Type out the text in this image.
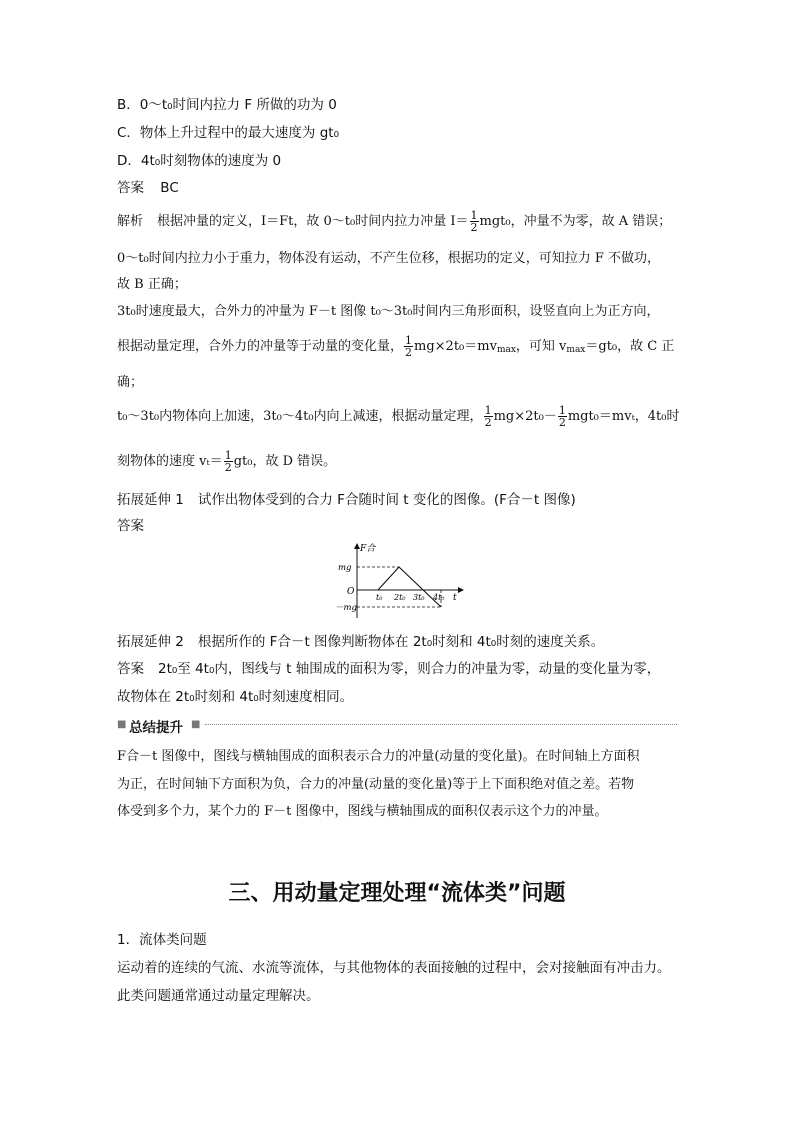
B．0～t₀时间内拉力 F 所做的功为 0
C．物体上升过程中的最大速度为 gt₀
D．4t₀时刻物体的速度为 0
答案 BC
解析 根据冲量的定义，I＝Ft，故 0～t₀时间内拉力冲量 $I= \frac{1}{2} mgt_0$，冲量不为零，故 A 错误；
0～t₀时间内拉力小于重力，物体没有运动，不产生位移，根据功的定义，可知拉力 F 不做功，
故 B 正确；
3t₀时速度最大，合外力的冲量为 F－t 图像 t₀～3t₀时间内三角形面积，设竖直向上为正方向，
根据动量定理，合外力的冲量等于动量的变化量， $\frac{1}{2} mg\times 2t_0=mv_{max}$，可知 $v_{max}=gt_0$，故 C 正
确；
t₀～3t₀内物体向上加速，3t₀～4t₀内向上减速，根据动量定理， $\frac{1}{2} mg\times 2t_0- \frac{1}{2} mgt_0=mv_t$，4t₀时
刻物体的速度 $v_t= \frac{1}{2} gt_0$，故 D 错误。
拓展延伸 1 试作出物体受到的合力 F合随时间 t 变化的图像。(F合－t 图像)
答案
F合
t
mg
O
－mg
t₀ 2t₀ 3t₀ 4t₀
拓展延伸 2 根据所作的 F合－t 图像判断物体在 2t₀时刻和 4t₀时刻的速度关系。
答案 2t₀至 4t₀内，图线与 t 轴围成的面积为零，则合力的冲量为零，动量的变化量为零，
故物体在 2t₀时刻和 4t₀时刻速度相同。
■ 总结提升 ■
F合－t 图像中，图线与横轴围成的面积表示合力的冲量(动量的变化量)。在时间轴上方面积
为正，在时间轴下方面积为负，合力的冲量(动量的变化量)等于上下面积绝对值之差。若物
体受到多个力，某个力的 F－t 图像中，图线与横轴围成的面积仅表示这个力的冲量。
三、用动量定理处理“流体类”问题
1．流体类问题
运动着的连续的气流、水流等流体，与其他物体的表面接触的过程中，会对接触面有冲击力。
此类问题通常通过动量定理解决。
